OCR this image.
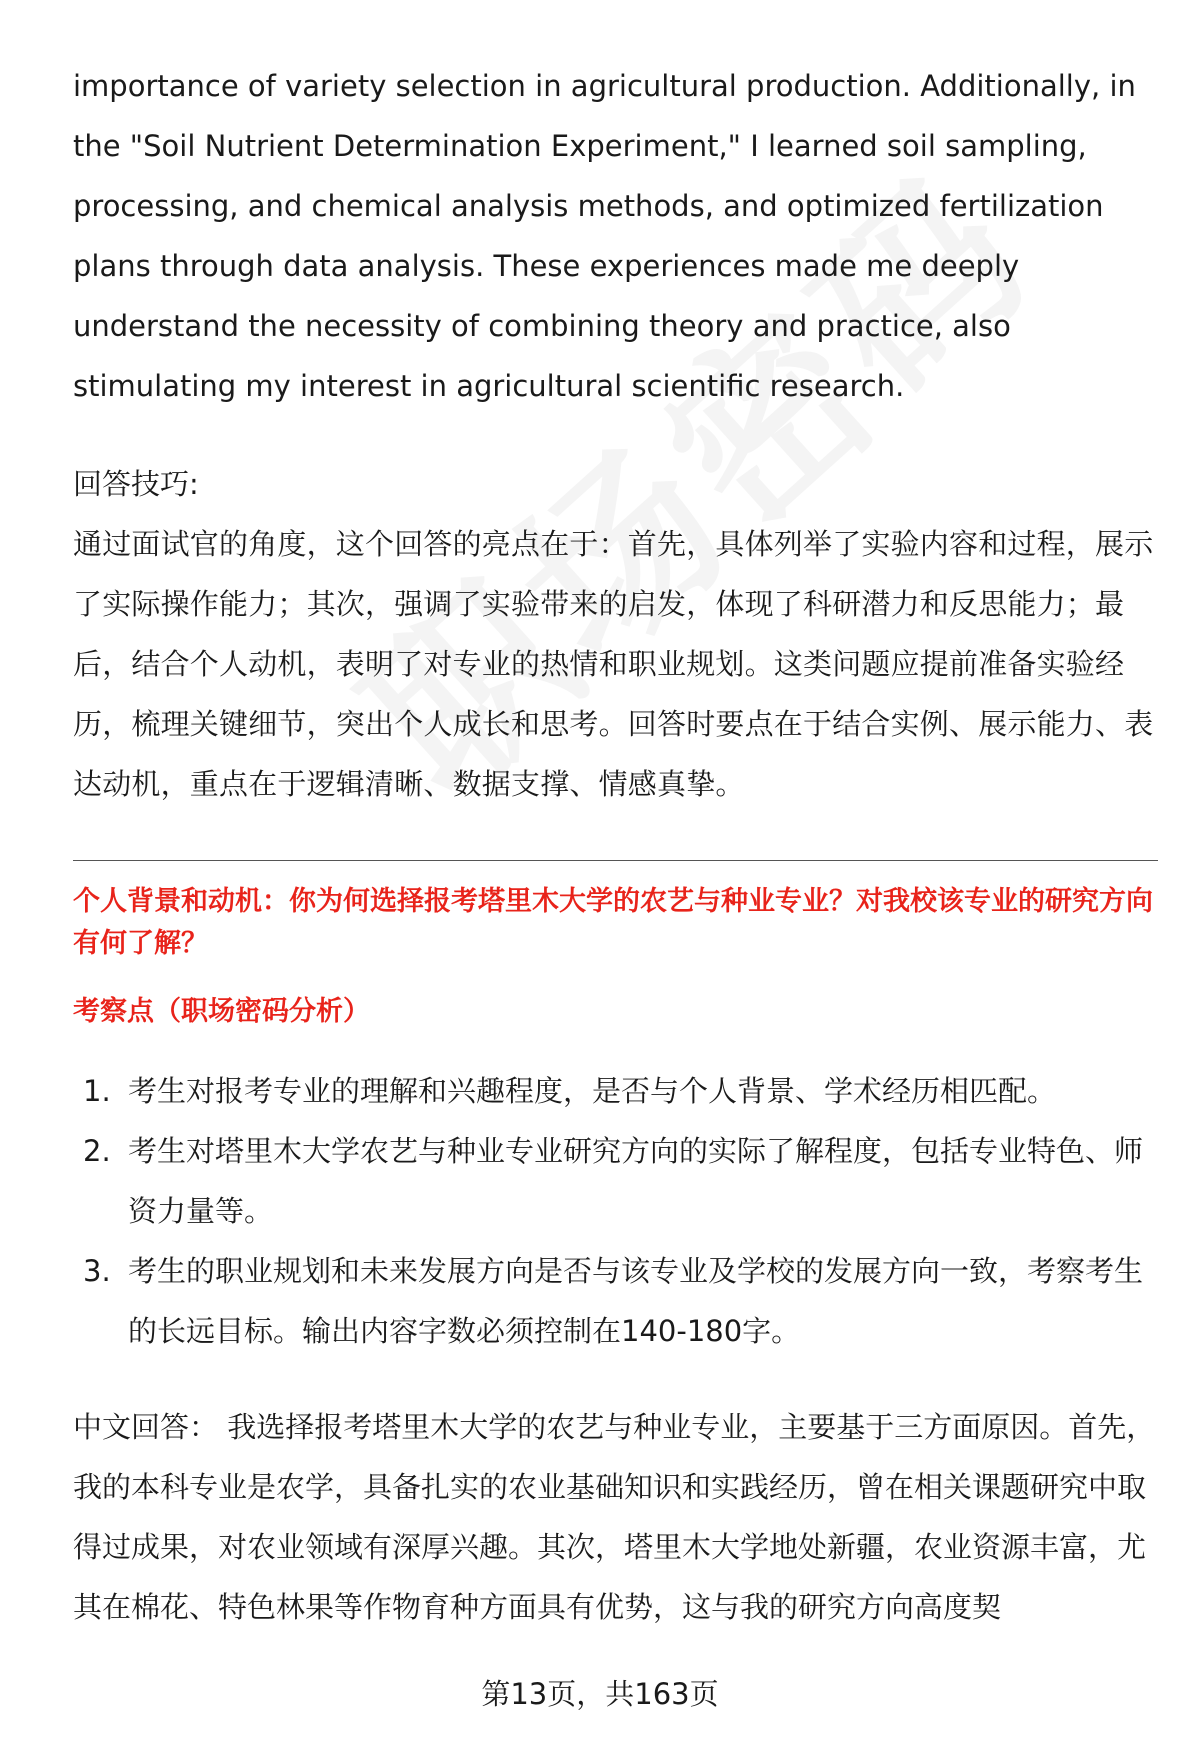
importance of variety selection in agricultural production. Additionally, in the "Soil Nutrient Determination Experiment," I learned soil sampling, processing, and chemical analysis methods, and optimized fertilization plans through data analysis. These experiences made me deeply understand the necessity of combining theory and practice, also stimulating my interest in agricultural scientific research.

回答技巧:

通过面试官的角度，这个回答的亮点在于：首先，具体列举了实验内容和过程，展示了实际操作能力；其次，强调了实验带来的启发，体现了科研潜力和反思能力；最后，结合个人动机，表明了对专业的热情和职业规划。这类问题应提前准备实验经历，梳理关键细节，突出个人成长和思考。回答时要点在于结合实例、展示能力、表达动机，重点在于逻辑清晰、数据支撑、情感真挚。

个人背景和动机：你为何选择报考塔里木大学的农艺与种业专业？对我校该专业的研究方向有何了解？

考察点（职场密码分析）

1. 考生对报考专业的理解和兴趣程度，是否与个人背景、学术经历相匹配。
2. 考生对塔里木大学农艺与种业专业研究方向的实际了解程度，包括专业特色、师资力量等。
3. 考生的职业规划和未来发展方向是否与该专业及学校的发展方向一致，考察考生的长远目标。输出内容字数必须控制在140-180字。

中文回答： 我选择报考塔里木大学的农艺与种业专业，主要基于三方面原因。首先，我的本科专业是农学，具备扎实的农业基础知识和实践经历，曾在相关课题研究中取得过成果，对农业领域有深厚兴趣。其次，塔里木大学地处新疆，农业资源丰富，尤其在棉花、特色林果等作物育种方面具有优势，这与我的研究方向高度契

第13页，共163页
